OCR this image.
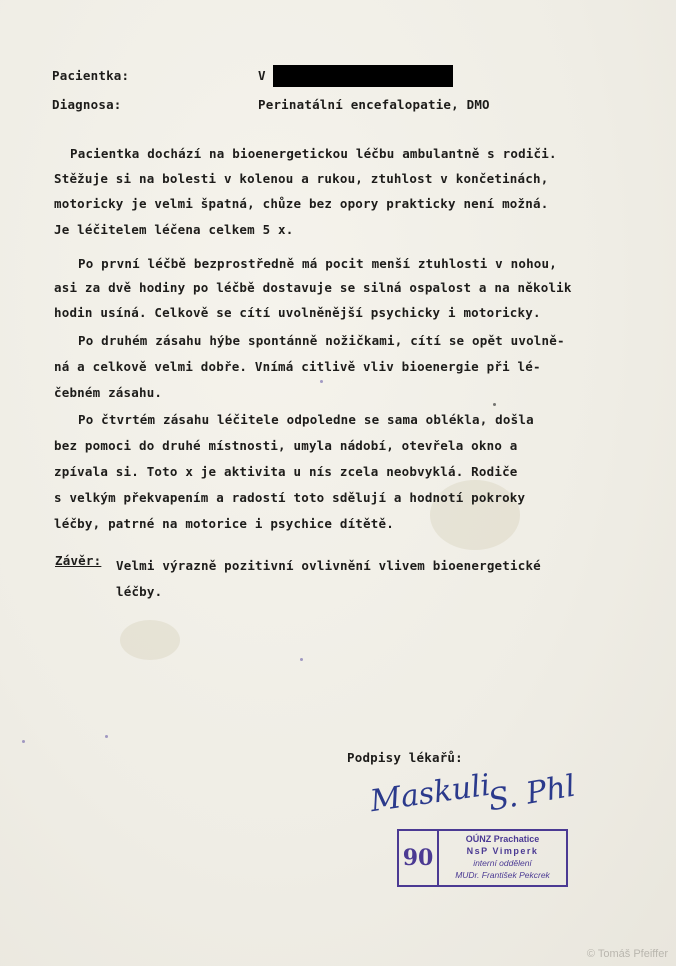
Pacientka:	V
Diagnosa:	Perinatální encefalopatie, DMO
Pacientka dochází na bioenergetickou léčbu ambulantně s rodiči.
Stěžuje si na bolesti v kolenou a rukou, ztuhlost v končetinách,
motoricky je velmi špatná, chůze bez opory prakticky není možná.
Je léčitelem léčena celkem 5 x.
Po první léčbě bezprostředně má pocit menší ztuhlosti v nohou,
asi za dvě hodiny po léčbě dostavuje se silná ospalost a na několik
hodin usíná. Celkově se cítí uvolněnější psychicky i motoricky.
Po druhém zásahu hýbe spontánně nožičkami, cítí se opět uvolně-
ná a celkově velmi dobře. Vnímá citlivě vliv bioenergie při lé-
čebném zásahu.
Po čtvrtém zásahu léčitele odpoledne se sama oblékla, došla
bez pomoci do druhé místnosti, umyla nádobí, otevřela okno a
zpívala si. Toto x je aktivita u nís zcela neobvyklá. Rodiče
s velkým překvapením a radostí toto sdělují a hodnotí pokroky
léčby, patrné na motorice i psychice dítětě.
Závěr: Velmi výrazně pozitivní ovlivnění vlivem bioenergetické
léčby.
Podpisy lékařů:
Maskuli
S. Phl
90
OÚNZ Prachatice
NsP Vimperk
interní oddělení
MUDr. František Pekcrek
© Tomáš Pfeiffer
